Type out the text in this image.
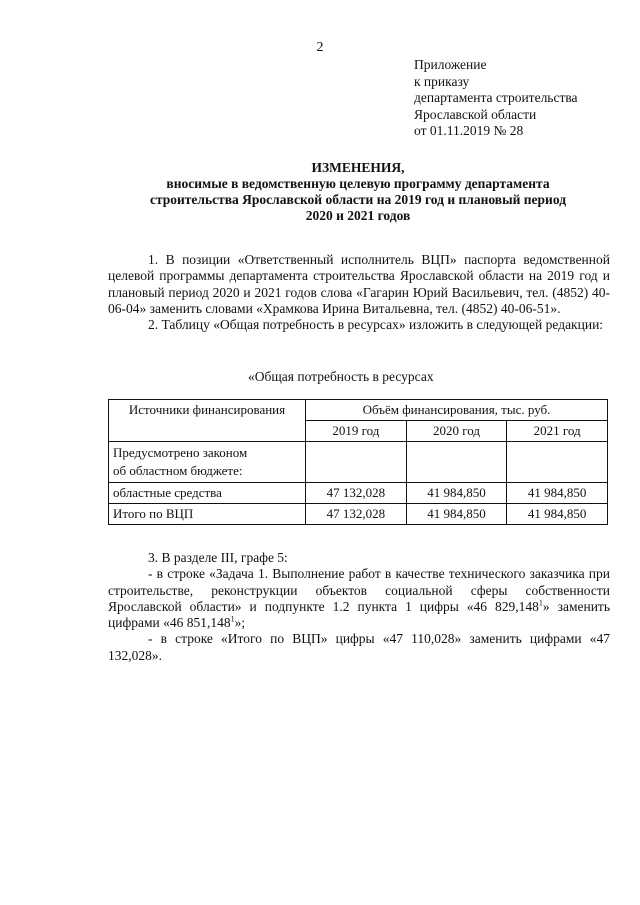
2
Приложение
к приказу
департамента строительства
Ярославской области
от 01.11.2019 № 28
ИЗМЕНЕНИЯ,
вносимые в ведомственную целевую программу департамента
строительства Ярославской области на 2019 год и плановый период
2020 и 2021 годов
1. В позиции «Ответственный исполнитель ВЦП» паспорта ведомственной целевой программы департамента строительства Ярославской области на 2019 год и плановый период 2020 и 2021 годов слова «Гагарин Юрий Васильевич, тел. (4852) 40-06-04» заменить словами «Храмкова Ирина Витальевна, тел. (4852) 40-06-51».
2. Таблицу «Общая потребность в ресурсах» изложить в следующей редакции:
«Общая потребность в ресурсах
Источники финансирования	Объём финансирования, тыс. руб.		
	2019 год	2020 год	2021 год

Предусмотрено законом
об областном бюджете:			

областные средства	47 132,028	41 984,850	41 984,850
Итого по ВЦП	47 132,028	41 984,850	41 984,850
3. В разделе III, графе 5:
- в строке «Задача 1. Выполнение работ в качестве технического заказчика при строительстве, реконструкции объектов социальной сферы собственности Ярославской области» и подпункте 1.2 пункта 1 цифры «46 829,148$^1$» заменить цифрами «46 851,148$^1$»;
- в строке «Итого по ВЦП» цифры «47 110,028» заменить цифрами «47 132,028».
